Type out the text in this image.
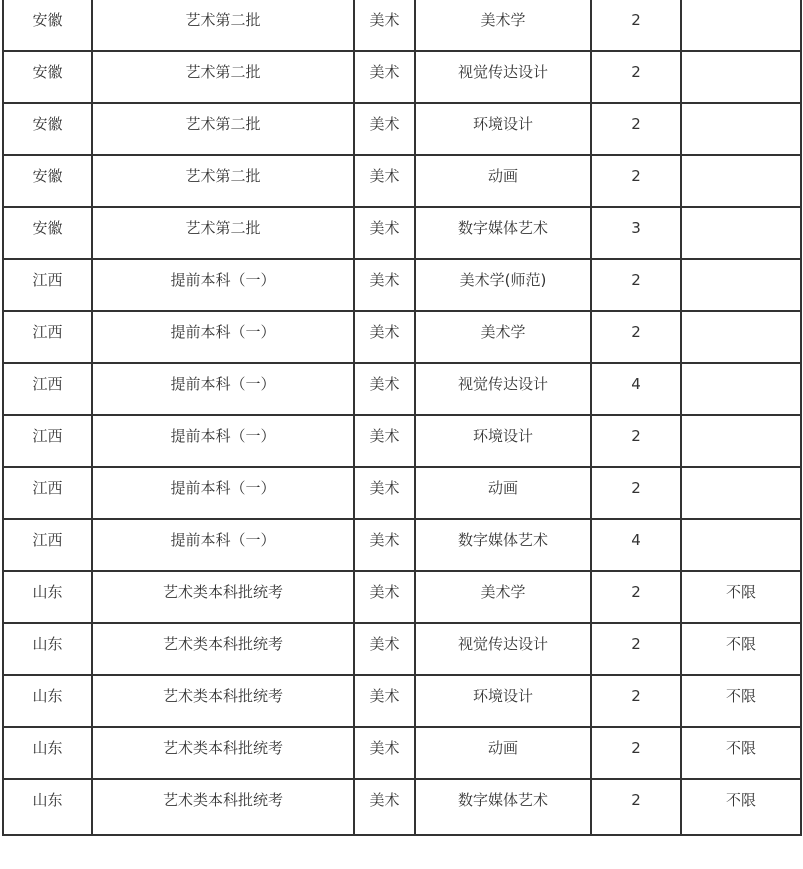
安徽	艺术第二批	美术	美术学	2	

安徽	艺术第二批	美术	视觉传达设计	2	

安徽	艺术第二批	美术	环境设计	2	

安徽	艺术第二批	美术	动画	2	

安徽	艺术第二批	美术	数字媒体艺术	3	

江西	提前本科（一）	美术	美术学(师范)	2	

江西	提前本科（一）	美术	美术学	2	

江西	提前本科（一）	美术	视觉传达设计	4	

江西	提前本科（一）	美术	环境设计	2	

江西	提前本科（一）	美术	动画	2	

江西	提前本科（一）	美术	数字媒体艺术	4	

山东	艺术类本科批统考	美术	美术学	2	不限

山东	艺术类本科批统考	美术	视觉传达设计	2	不限

山东	艺术类本科批统考	美术	环境设计	2	不限

山东	艺术类本科批统考	美术	动画	2	不限

山东	艺术类本科批统考	美术	数字媒体艺术	2	不限
